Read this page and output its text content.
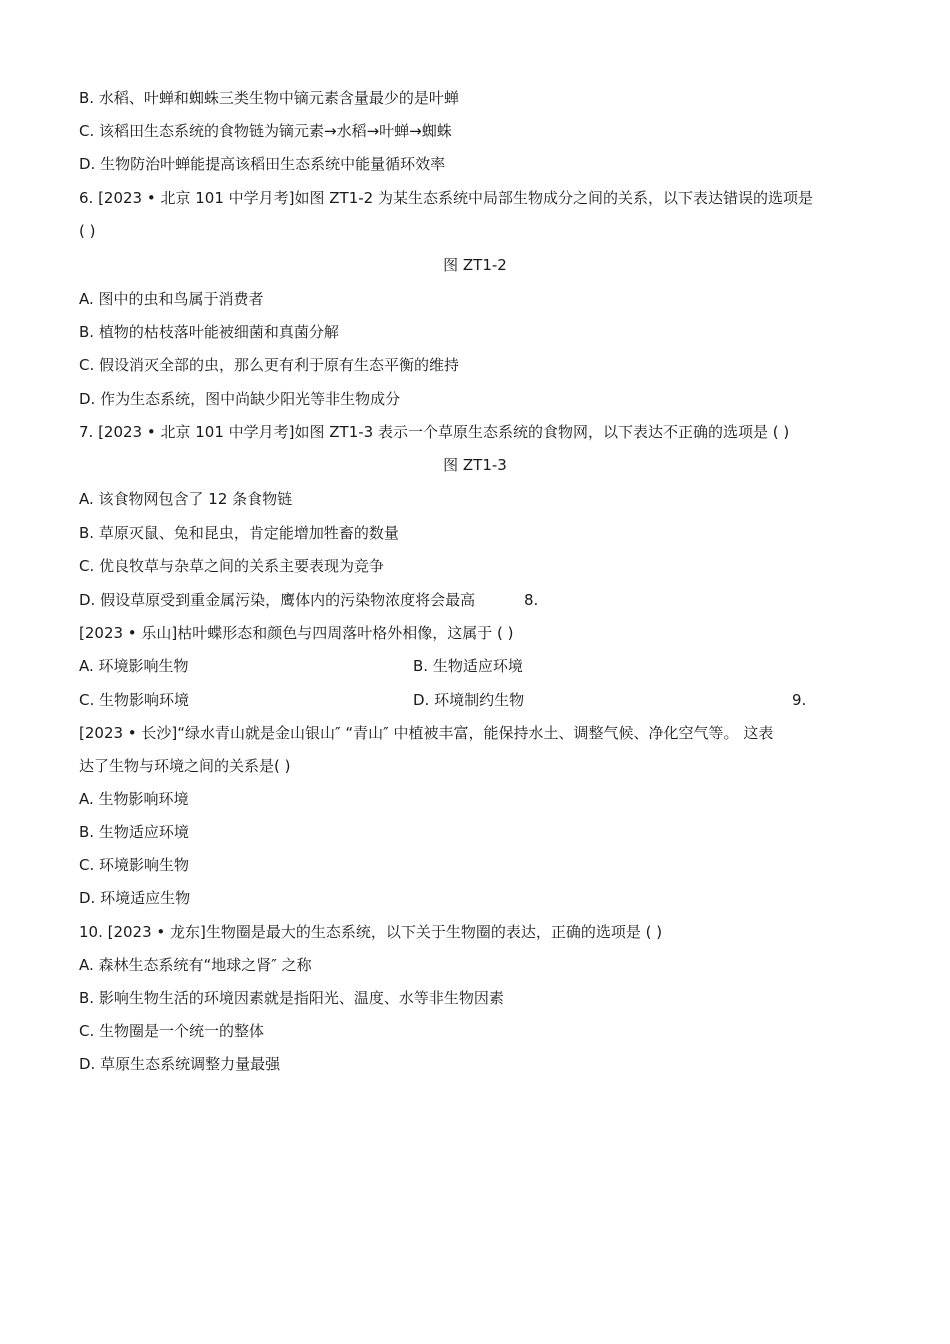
B. 水稻、叶蝉和蜘蛛三类生物中镝元素含量最少的是叶蝉
C. 该稻田生态系统的食物链为镝元素→水稻→叶蝉→蜘蛛
D. 生物防治叶蝉能提高该稻田生态系统中能量循环效率
6. [2023 • 北京 101 中学月考]如图 ZT1-2 为某生态系统中局部生物成分之间的关系，以下表达错误的选项是
( )
图 ZT1-2
A. 图中的虫和鸟属于消费者
B. 植物的枯枝落叶能被细菌和真菌分解
C. 假设消灭全部的虫，那么更有利于原有生态平衡的维持
D. 作为生态系统，图中尚缺少阳光等非生物成分
7. [2023 • 北京 101 中学月考]如图 ZT1-3 表示一个草原生态系统的食物网，以下表达不正确的选项是 ( )
图 ZT1-3
A. 该食物网包含了 12 条食物链
B. 草原灭鼠、兔和昆虫，肯定能增加牲畜的数量
C. 优良牧草与杂草之间的关系主要表现为竞争
D. 假设草原受到重金属污染，鹰体内的污染物浓度将会最高	8.
[2023 • 乐山]枯叶蝶形态和颜色与四周落叶格外相像，这属于 ( )
A. 环境影响生物	B. 生物适应环境
C. 生物影响环境	D. 环境制约生物	9.
[2023 • 长沙]“绿水青山就是金山银山″ “青山″ 中植被丰富，能保持水土、调整气候、净化空气等。 这表
达了生物与环境之间的关系是( )
A. 生物影响环境
B. 生物适应环境
C. 环境影响生物
D. 环境适应生物
10. [2023 • 龙东]生物圈是最大的生态系统，以下关于生物圈的表达，正确的选项是 ( )
A. 森林生态系统有“地球之肾″ 之称
B. 影响生物生活的环境因素就是指阳光、温度、水等非生物因素
C. 生物圈是一个统一的整体
D. 草原生态系统调整力量最强
